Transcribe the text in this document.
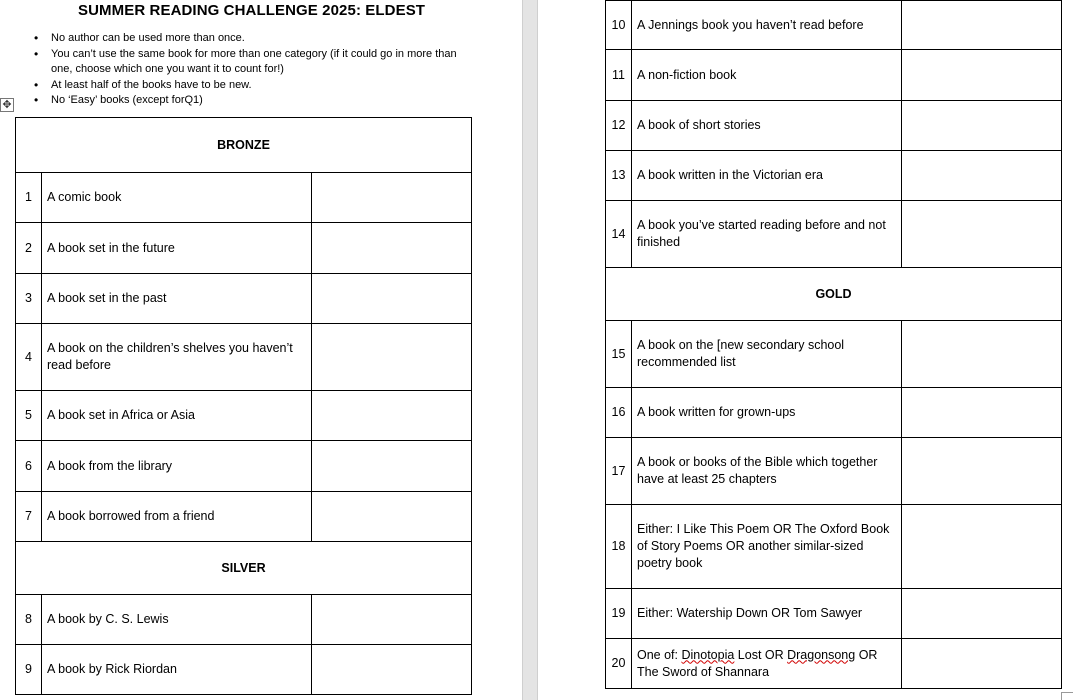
SUMMER READING CHALLENGE 2025: ELDEST
• No author can be used more than once.
• You can’t use the same book for more than one category (if it could go in more than one, choose which one you want it to count for!)
• At least half of the books have to be new.
• No ‘Easy’ books (except forQ1)
✥
BRONZE		
1	A comic book	
2	A book set in the future	
3	A book set in the past	
4	A book on the children’s shelves you haven’t read before	
5	A book set in Africa or Asia	
6	A book from the library	
7	A book borrowed from a friend	
SILVER		
8	A book by C. S. Lewis	
9	A book by Rick Riordan	
10	A Jennings book you haven’t read before	
11	A non-fiction book	
12	A book of short stories	
13	A book written in the Victorian era	
14	A book you’ve started reading before and not finished	
GOLD		
15	A book on the [new secondary school recommended list	
16	A book written for grown-ups	
17	A book or books of the Bible which together have at least 25 chapters	
18	Either: I Like This Poem OR The Oxford Book of Story Poems OR another similar-sized poetry book	
19	Either: Watership Down OR Tom Sawyer	
20	One of: Dinotopia Lost OR Dragonsong OR The Sword of Shannara	
